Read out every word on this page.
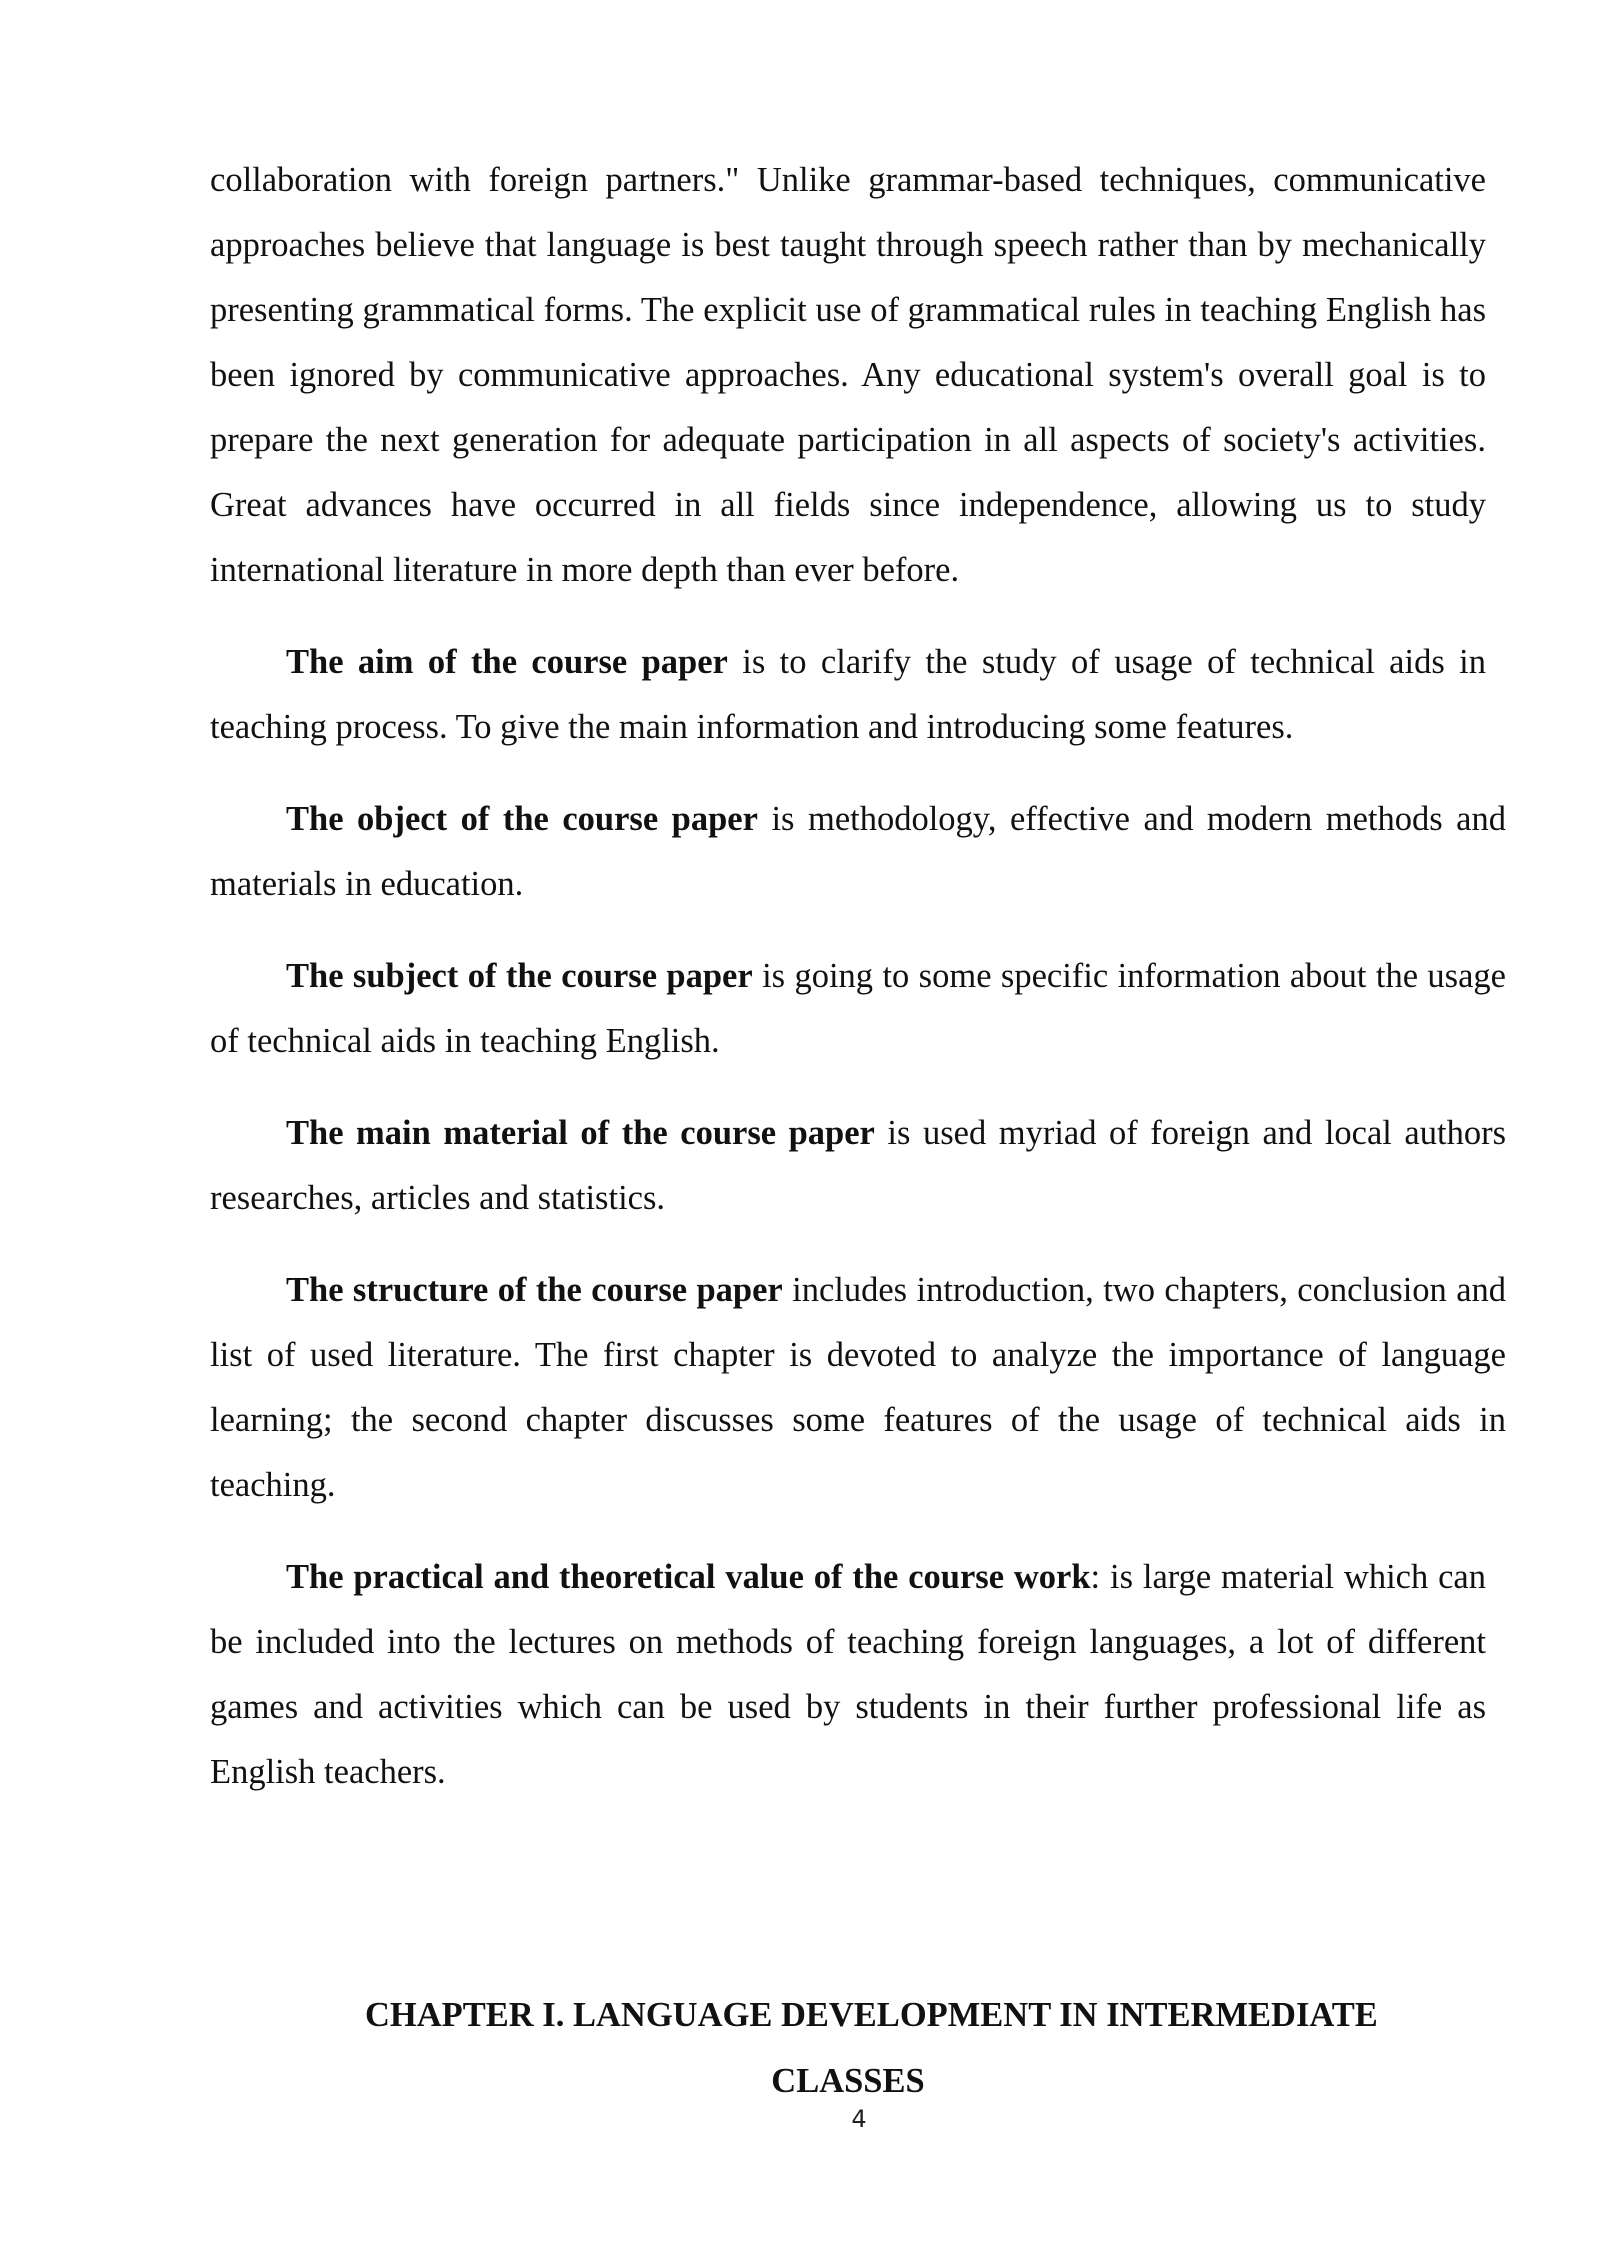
collaboration with foreign partners." Unlike grammar-based techniques, communicative approaches believe that language is best taught through speech rather than by mechanically presenting grammatical forms. The explicit use of grammatical rules in teaching English has been ignored by communicative approaches. Any educational system's overall goal is to prepare the next generation for adequate participation in all aspects of society's activities. Great advances have occurred in all fields since independence, allowing us to study international literature in more depth than ever before.

The aim of the course paper is to clarify the study of usage of technical aids in teaching process. To give the main information and introducing some features.

The object of the course paper is methodology, effective and modern methods and materials in education.

The subject of the course paper is going to some specific information about the usage of technical aids in teaching English.

The main material of the course paper is used myriad of foreign and local authors researches, articles and statistics.

The structure of the course paper includes introduction, two chapters, conclusion and list of used literature. The first chapter is devoted to analyze the importance of language learning; the second chapter discusses some features of the usage of technical aids in teaching.

The practical and theoretical value of the course work: is large material which can be included into the lectures on methods of teaching foreign languages, a lot of different games and activities which can be used by students in their further professional life as English teachers.

CHAPTER I. LANGUAGE DEVELOPMENT IN INTERMEDIATE
CLASSES
4
